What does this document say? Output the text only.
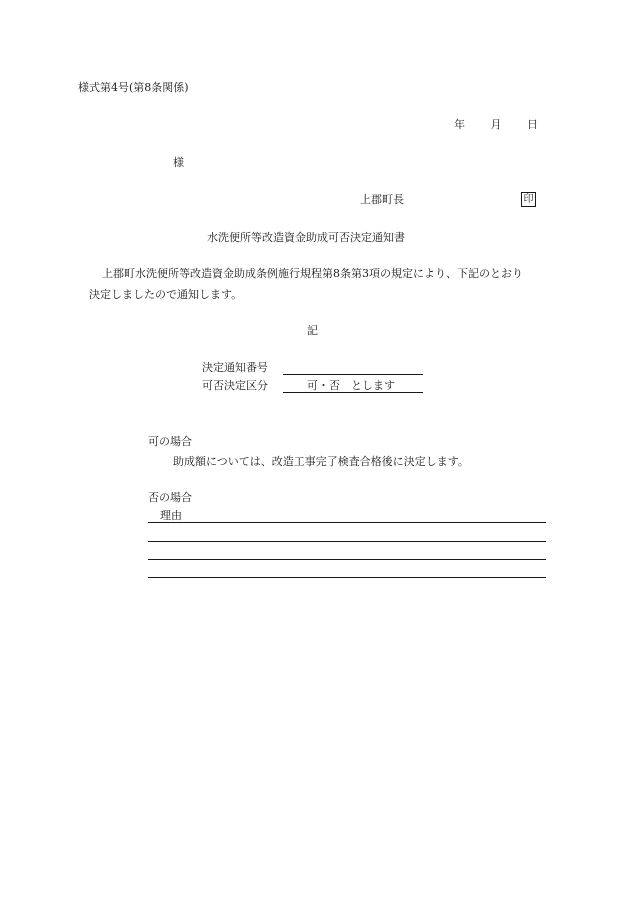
様式第4号(第8条関係)
年 月 日
様
上郡町長	印
水洗便所等改造資金助成可否決定通知書
上郡町水洗便所等改造資金助成条例施行規程第8条第3項の規定により、下記のとおり
決定しましたので通知します。
記
決定通知番号
可否決定区分	可・否　とします
可の場合
助成額については、改造工事完了検査合格後に決定します。
否の場合
理由
